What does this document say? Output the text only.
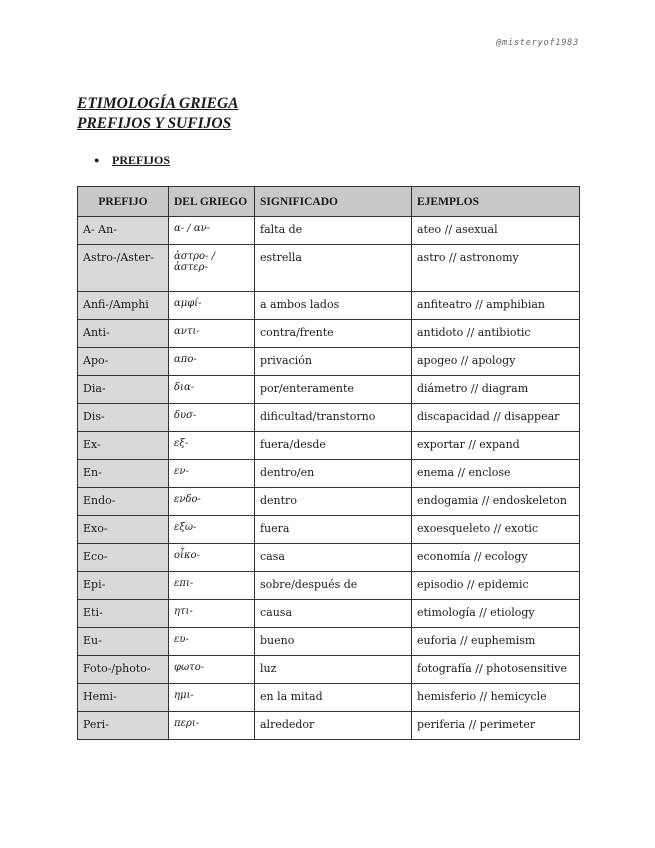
@misteryof1983
ETIMOLOGÍA GRIEGA
PREFIJOS Y SUFIJOS
● PREFIJOS
PREFIJO	DEL GRIEGO	SIGNIFICADO	EJEMPLOS
A- An-	α- / αν-	falta de	ateo // asexual
Astro-/Aster-	ἀστρο- / ἀστερ-	estrella	astro // astronomy
Anfi-/Amphi	αμφί-	a ambos lados	anfiteatro // amphibian
Anti-	αντι-	contra/frente	antidoto // antibiotic
Apo-	απο-	privación	apogeo // apology
Dia-	δια-	por/enteramente	diámetro // diagram
Dis-	δυσ-	dificultad/transtorno	discapacidad // disappear
Ex-	εξ-	fuera/desde	exportar // expand
En-	εν-	dentro/en	enema // enclose
Endo-	ενδο-	dentro	endogamia // endoskeleton
Exo-	εξω-	fuera	exoesqueleto // exotic
Eco-	οἶκο-	casa	economía // ecology
Epi-	επι-	sobre/después de	episodio // epidemic
Eti-	ητι-	causa	etimología // etiology
Eu-	ευ-	bueno	euforia // euphemism
Foto-/photo-	φωτο-	luz	fotografía // photosensitive
Hemi-	ημι-	en la mitad	hemisferio // hemicycle
Peri-	περι-	alrededor	periferia // perimeter
